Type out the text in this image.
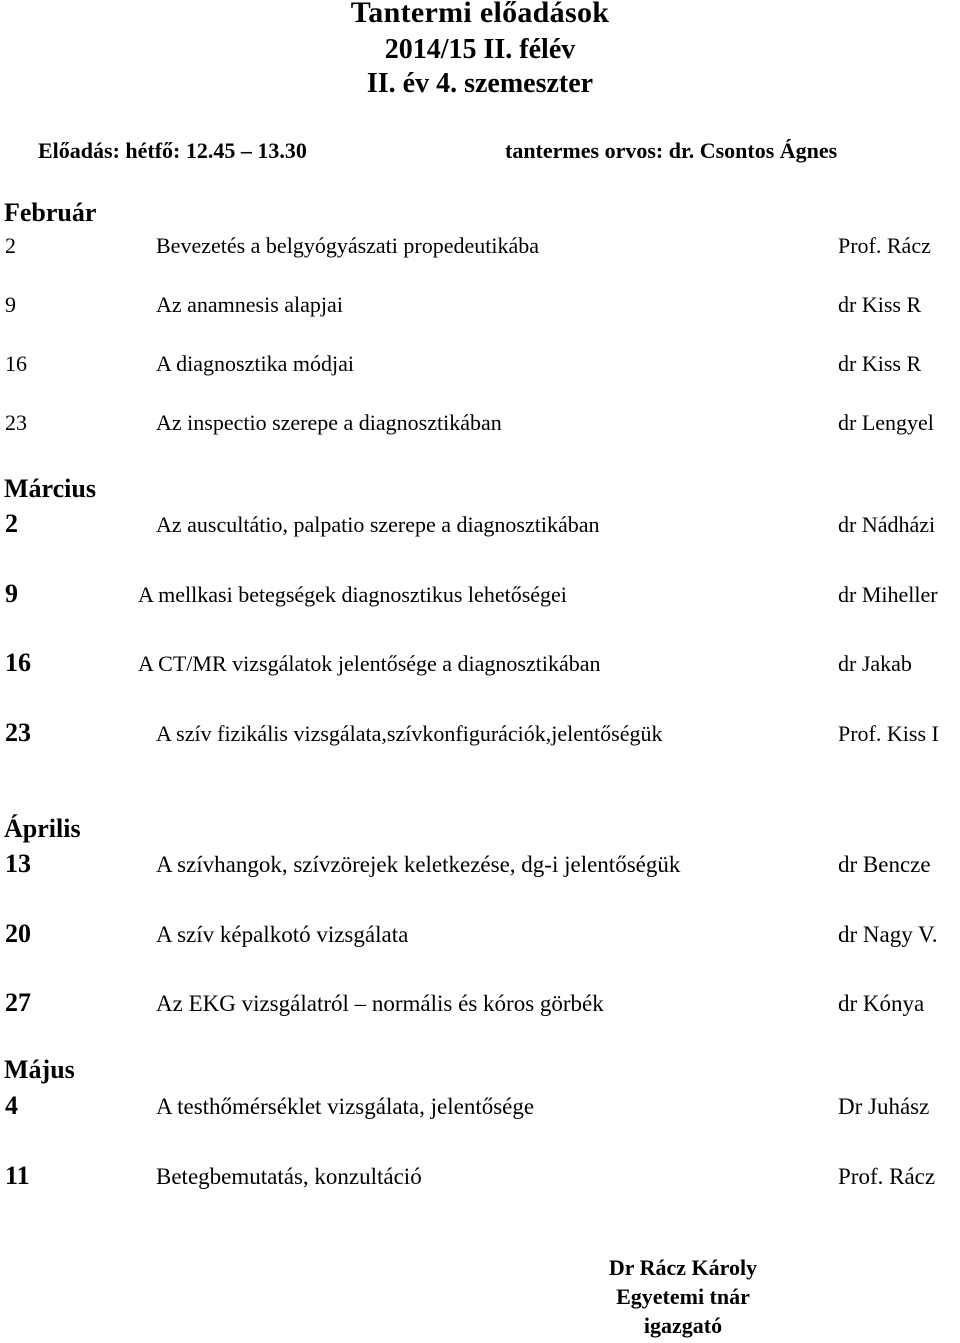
Tantermi előadások
2014/15 II. félév
II. év 4. szemeszter
Előadás: hétfő: 12.45 – 13.30	tantermes orvos: dr. Csontos Ágnes
Február
2	Bevezetés a belgyógyászati propedeutikába	Prof. Rácz
9	Az anamnesis alapjai	dr Kiss R
16	A diagnosztika módjai	dr Kiss R
23	Az inspectio szerepe a diagnosztikában	dr Lengyel
Március
2	Az auscultátio, palpatio szerepe a diagnosztikában	dr Nádházi
9	A mellkasi betegségek diagnosztikus lehetőségei	dr Miheller
16	A CT/MR vizsgálatok jelentősége a diagnosztikában	dr Jakab
23	A szív fizikális vizsgálata,szívkonfigurációk,jelentőségük	Prof. Kiss I
Április
13	A szívhangok, szívzörejek keletkezése, dg-i jelentőségük	dr Bencze
20	A szív képalkotó vizsgálata	dr Nagy V.
27	Az EKG vizsgálatról – normális és kóros görbék	dr Kónya
Május
4	A testhőmérséklet vizsgálata, jelentősége	Dr Juhász
11	Betegbemutatás, konzultáció	Prof. Rácz
Dr Rácz Károly
Egyetemi tnár
igazgató
